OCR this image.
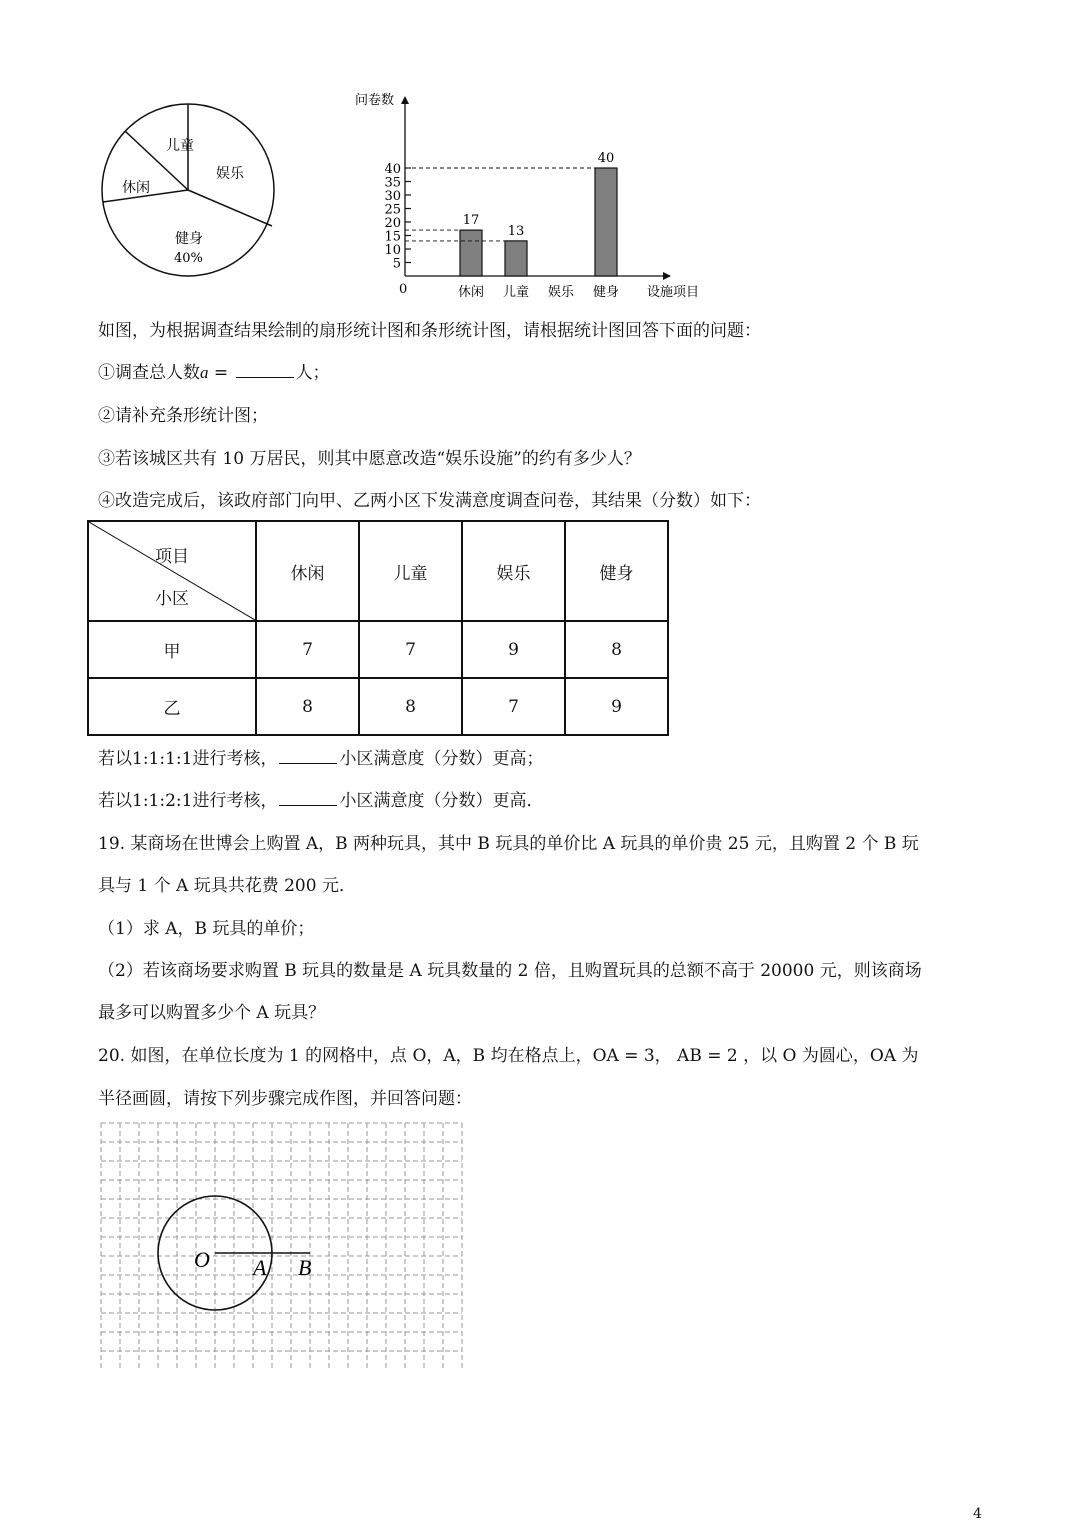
儿童
娱乐
休闲
健身
40%
问卷数
设施项目
0
5
10
15
20
25
30
35
40
休闲
17
儿童
13
娱乐 健身
40
如图，为根据调查结果绘制的扇形统计图和条形统计图，请根据统计图回答下面的问题：
①调查总人数a =	人；
②请补充条形统计图；
③若该城区共有 10 万居民，则其中愿意改造“娱乐设施”的约有多少人？
④改造完成后，该政府部门向甲、乙两小区下发满意度调查问卷，其结果（分数）如下：
项目
小区	休闲	儿童	娱乐	健身
甲	7	7	9	8
乙	8	8	7	9
若以1:1:1:1进行考核，	小区满意度（分数）更高；
若以1:1:2:1进行考核，	小区满意度（分数）更高．
19. 某商场在世博会上购置 A，B 两种玩具，其中 B 玩具的单价比 A 玩具的单价贵 25 元，且购置 2 个 B 玩
具与 1 个 A 玩具共花费 200 元．
（1）求 A，B 玩具的单价；
（2）若该商场要求购置 B 玩具的数量是 A 玩具数量的 2 倍，且购置玩具的总额不高于 20000 元，则该商场
最多可以购置多少个 A 玩具？
20. 如图，在单位长度为 1 的网格中，点 O，A，B 均在格点上，OA = 3， AB = 2 ，以 O 为圆心，OA 为
半径画圆，请按下列步骤完成作图，并回答问题：
O A B
4
